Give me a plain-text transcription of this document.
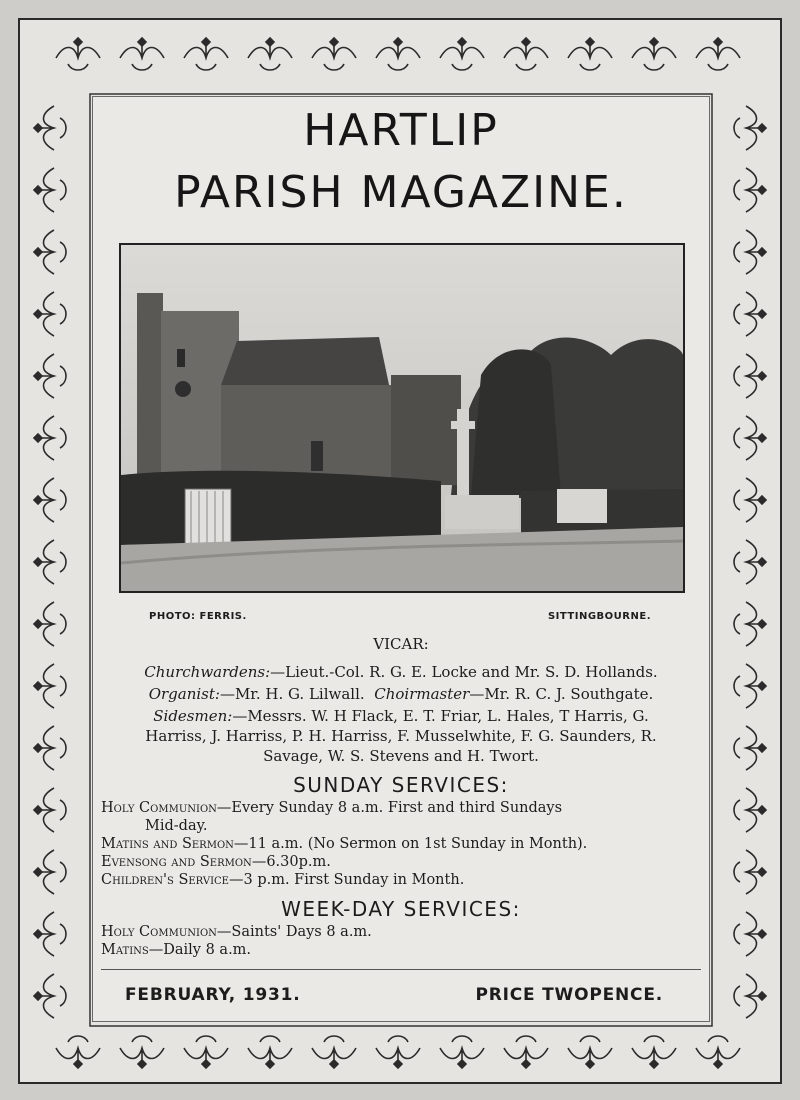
HARTLIP
PARISH MAGAZINE.
PHOTO: FERRIS.	SITTINGBOURNE.
VICAR:
Churchwardens:—Lieut.-Col. R. G. E. Locke and Mr. S. D. Hollands.
Organist:—Mr. H. G. Lilwall. Choirmaster—Mr. R. C. J. Southgate.
Sidesmen:—Messrs. W. H Flack, E. T. Friar, L. Hales, T Harris, G.
Harriss, J. Harriss, P. H. Harriss, F. Musselwhite, F. G. Saunders, R.
Savage, W. S. Stevens and H. Twort.
SUNDAY SERVICES:
Holy Communion—Every Sunday 8 a.m. First and third Sundays
Mid-day.
Matins and Sermon—11 a.m. (No Sermon on 1st Sunday in Month).
Evensong and Sermon—6.30p.m.
Children's Service—3 p.m. First Sunday in Month.
WEEK-DAY SERVICES:
Holy Communion—Saints' Days 8 a.m.
Matins—Daily 8 a.m.
FEBRUARY, 1931.	PRICE TWOPENCE.
